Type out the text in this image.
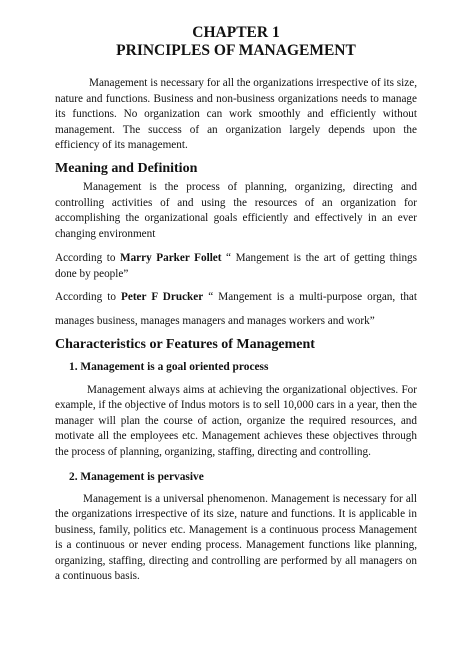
CHAPTER 1

PRINCIPLES OF MANAGEMENT

Management is necessary for all the organizations irrespective of its size, nature and functions. Business and non-business organizations needs to manage its functions. No organization can work smoothly and efficiently without management. The success of an organization largely depends upon the efficiency of its management.

Meaning and Definition

Management is the process of planning, organizing, directing and controlling activities of and using the resources of an organization for accomplishing the organizational goals efficiently and effectively in an ever changing environment

According to Marry Parker Follet “ Mangement is the art of getting things done by people”

According to Peter F Drucker “ Mangement is a multi-purpose organ, that manages business, manages managers and manages workers and work”

Characteristics or Features of Management

1. Management is a goal oriented process

Management always aims at achieving the organizational objectives. For example, if the objective of Indus motors is to sell 10,000 cars in a year, then the manager will plan the course of action, organize the required resources, and motivate all the employees etc. Management achieves these objectives through the process of planning, organizing, staffing, directing and controlling.

2. Management is pervasive

Management is a universal phenomenon. Management is necessary for all the organizations irrespective of its size, nature and functions. It is applicable in business, family, politics etc. Management is a continuous process Management is a continuous or never ending process. Management functions like planning, organizing, staffing, directing and controlling are performed by all managers on a continuous basis.
